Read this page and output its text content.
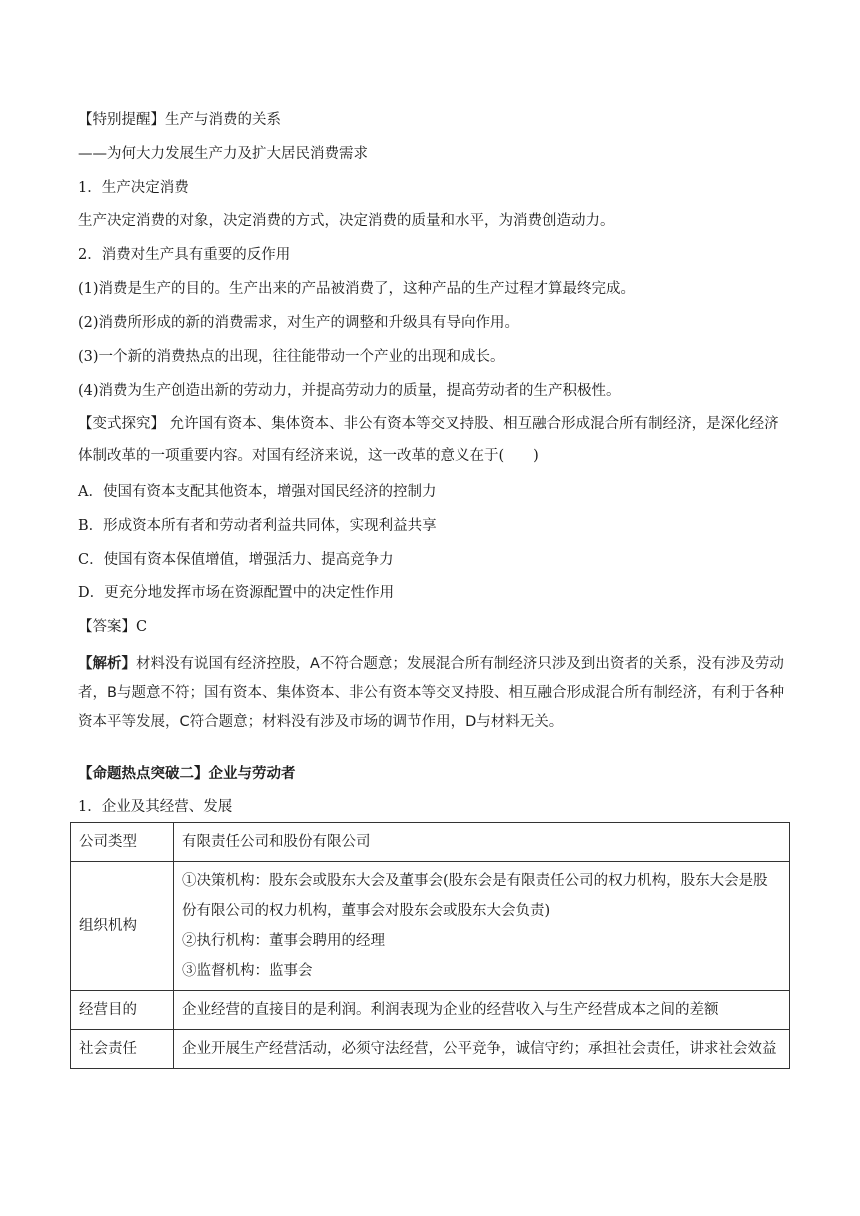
【特别提醒】生产与消费的关系
——为何大力发展生产力及扩大居民消费需求
1．生产决定消费
生产决定消费的对象，决定消费的方式，决定消费的质量和水平，为消费创造动力。
2．消费对生产具有重要的反作用
(1)消费是生产的目的。生产出来的产品被消费了，这种产品的生产过程才算最终完成。
(2)消费所形成的新的消费需求，对生产的调整和升级具有导向作用。
(3)一个新的消费热点的出现，往往能带动一个产业的出现和成长。
(4)消费为生产创造出新的劳动力，并提高劳动力的质量，提高劳动者的生产积极性。
【变式探究】 允许国有资本、集体资本、非公有资本等交叉持股、相互融合形成混合所有制经济，是深化经济体制改革的一项重要内容。对国有经济来说，这一改革的意义在于(　　)
A．使国有资本支配其他资本，增强对国民经济的控制力
B．形成资本所有者和劳动者利益共同体，实现利益共享
C．使国有资本保值增值，增强活力、提高竞争力
D．更充分地发挥市场在资源配置中的决定性作用
【答案】C
【解析】材料没有说国有经济控股，A不符合题意；发展混合所有制经济只涉及到出资者的关系，没有涉及劳动者，B与题意不符；国有资本、集体资本、非公有资本等交叉持股、相互融合形成混合所有制经济，有利于各种资本平等发展，C符合题意；材料没有涉及市场的调节作用，D与材料无关。
【命题热点突破二】企业与劳动者
1．企业及其经营、发展
公司类型	有限责任公司和股份有限公司

组织机构	①决策机构：股东会或股东大会及董事会(股东会是有限责任公司的权力机构，股东大会是股份有限公司的权力机构，董事会对股东会或股东大会负责)
②执行机构：董事会聘用的经理
③监督机构：监事会

经营目的	企业经营的直接目的是利润。利润表现为企业的经营收入与生产经营成本之间的差额

社会责任	企业开展生产经营活动，必须守法经营，公平竞争，诚信守约；承担社会责任，讲求社会效益
